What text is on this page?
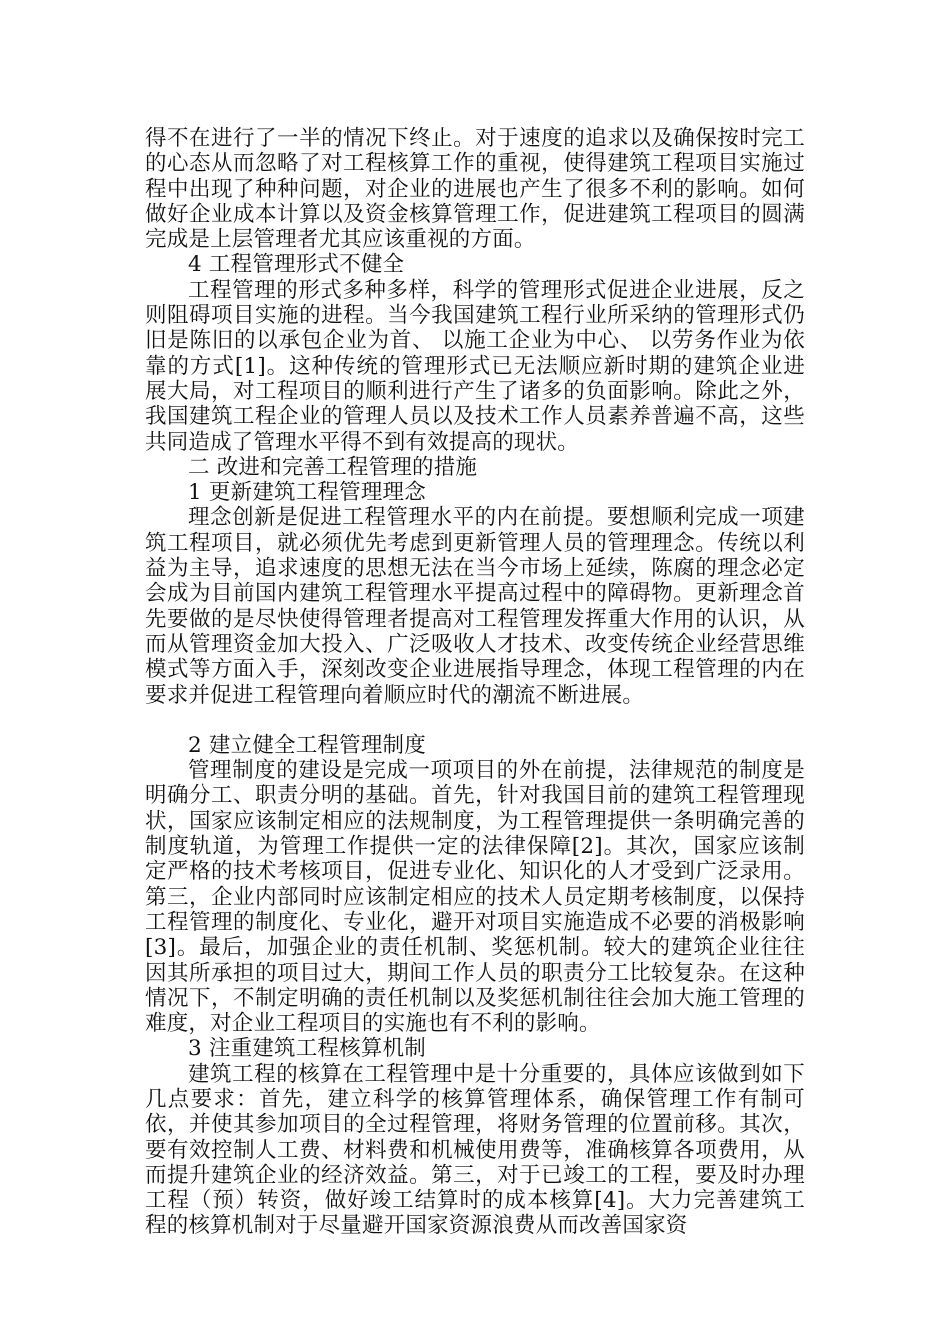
得不在进行了一半的情况下终止。对于速度的追求以及确保按时完工的心态从而忽略了对工程核算工作的重视，使得建筑工程项目实施过程中出现了种种问题，对企业的进展也产生了很多不利的影响。如何做好企业成本计算以及资金核算管理工作，促进建筑工程项目的圆满完成是上层管理者尤其应该重视的方面。

4 工程管理形式不健全

工程管理的形式多种多样，科学的管理形式促进企业进展，反之则阻碍项目实施的进程。当今我国建筑工程行业所采纳的管理形式仍旧是陈旧的以承包企业为首、 以施工企业为中心、 以劳务作业为依靠的方式[1]。这种传统的管理形式已无法顺应新时期的建筑企业进展大局，对工程项目的顺利进行产生了诸多的负面影响。除此之外，我国建筑工程企业的管理人员以及技术工作人员素养普遍不高，这些共同造成了管理水平得不到有效提高的现状。

二 改进和完善工程管理的措施

1 更新建筑工程管理理念

理念创新是促进工程管理水平的内在前提。要想顺利完成一项建筑工程项目，就必须优先考虑到更新管理人员的管理理念。传统以利益为主导，追求速度的思想无法在当今市场上延续，陈腐的理念必定会成为目前国内建筑工程管理水平提高过程中的障碍物。更新理念首先要做的是尽快使得管理者提高对工程管理发挥重大作用的认识，从而从管理资金加大投入、广泛吸收人才技术、改变传统企业经营思维模式等方面入手，深刻改变企业进展指导理念，体现工程管理的内在要求并促进工程管理向着顺应时代的潮流不断进展。

2 建立健全工程管理制度

管理制度的建设是完成一项项目的外在前提，法律规范的制度是明确分工、职责分明的基础。首先，针对我国目前的建筑工程管理现状，国家应该制定相应的法规制度，为工程管理提供一条明确完善的制度轨道，为管理工作提供一定的法律保障[2]。其次，国家应该制定严格的技术考核项目，促进专业化、知识化的人才受到广泛录用。第三，企业内部同时应该制定相应的技术人员定期考核制度，以保持工程管理的制度化、专业化，避开对项目实施造成不必要的消极影响[3]。最后，加强企业的责任机制、奖惩机制。较大的建筑企业往往因其所承担的项目过大，期间工作人员的职责分工比较复杂。在这种情况下，不制定明确的责任机制以及奖惩机制往往会加大施工管理的难度，对企业工程项目的实施也有不利的影响。

3 注重建筑工程核算机制

建筑工程的核算在工程管理中是十分重要的，具体应该做到如下几点要求：首先，建立科学的核算管理体系，确保管理工作有制可依，并使其参加项目的全过程管理，将财务管理的位置前移。其次，要有效控制人工费、材料费和机械使用费等，准确核算各项费用，从而提升建筑企业的经济效益。第三，对于已竣工的工程，要及时办理工程（预）转资，做好竣工结算时的成本核算[4]。大力完善建筑工程的核算机制对于尽量避开国家资源浪费从而改善国家资
